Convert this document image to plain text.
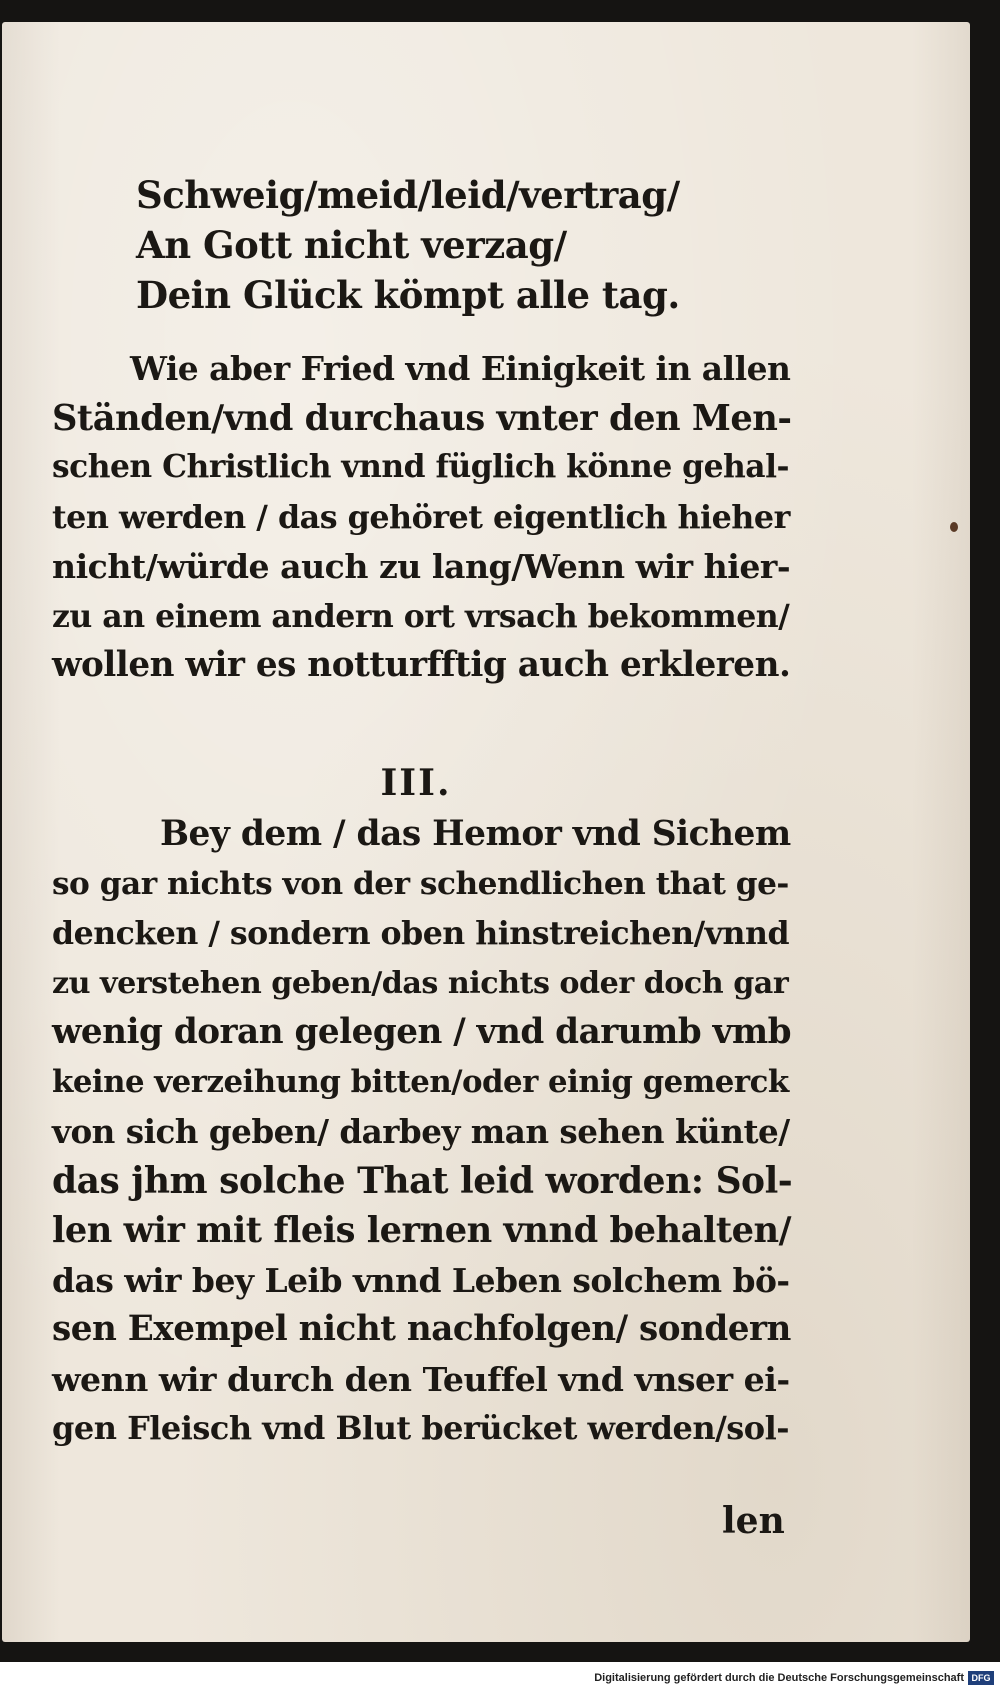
Schweig/meid/leid/vertrag/
An Gott nicht verzag/
Dein Glück kömpt alle tag.
Wie aber Fried vnd Einigkeit in allen
Ständen/vnd durchaus vnter den Men-
schen Christlich vnnd füglich könne gehal-
ten werden / das gehöret eigentlich hieher
nicht/würde auch zu lang/Wenn wir hier-
zu an einem andern ort vrsach bekommen/
wollen wir es notturfftig auch erkleren.
III.
Bey dem / das Hemor vnd Sichem
so gar nichts von der schendlichen that ge-
dencken / sondern oben hinstreichen/vnnd
zu verstehen geben/das nichts oder doch gar
wenig doran gelegen / vnd darumb vmb
keine verzeihung bitten/oder einig gemerck
von sich geben/ darbey man sehen künte/
das jhm solche That leid worden: Sol-
len wir mit fleis lernen vnnd behalten/
das wir bey Leib vnnd Leben solchem bö-
sen Exempel nicht nachfolgen/ sondern
wenn wir durch den Teuffel vnd vnser ei-
gen Fleisch vnd Blut berücket werden/sol-
len
Digitalisierung gefördert durch die Deutsche Forschungsgemeinschaft DFG
